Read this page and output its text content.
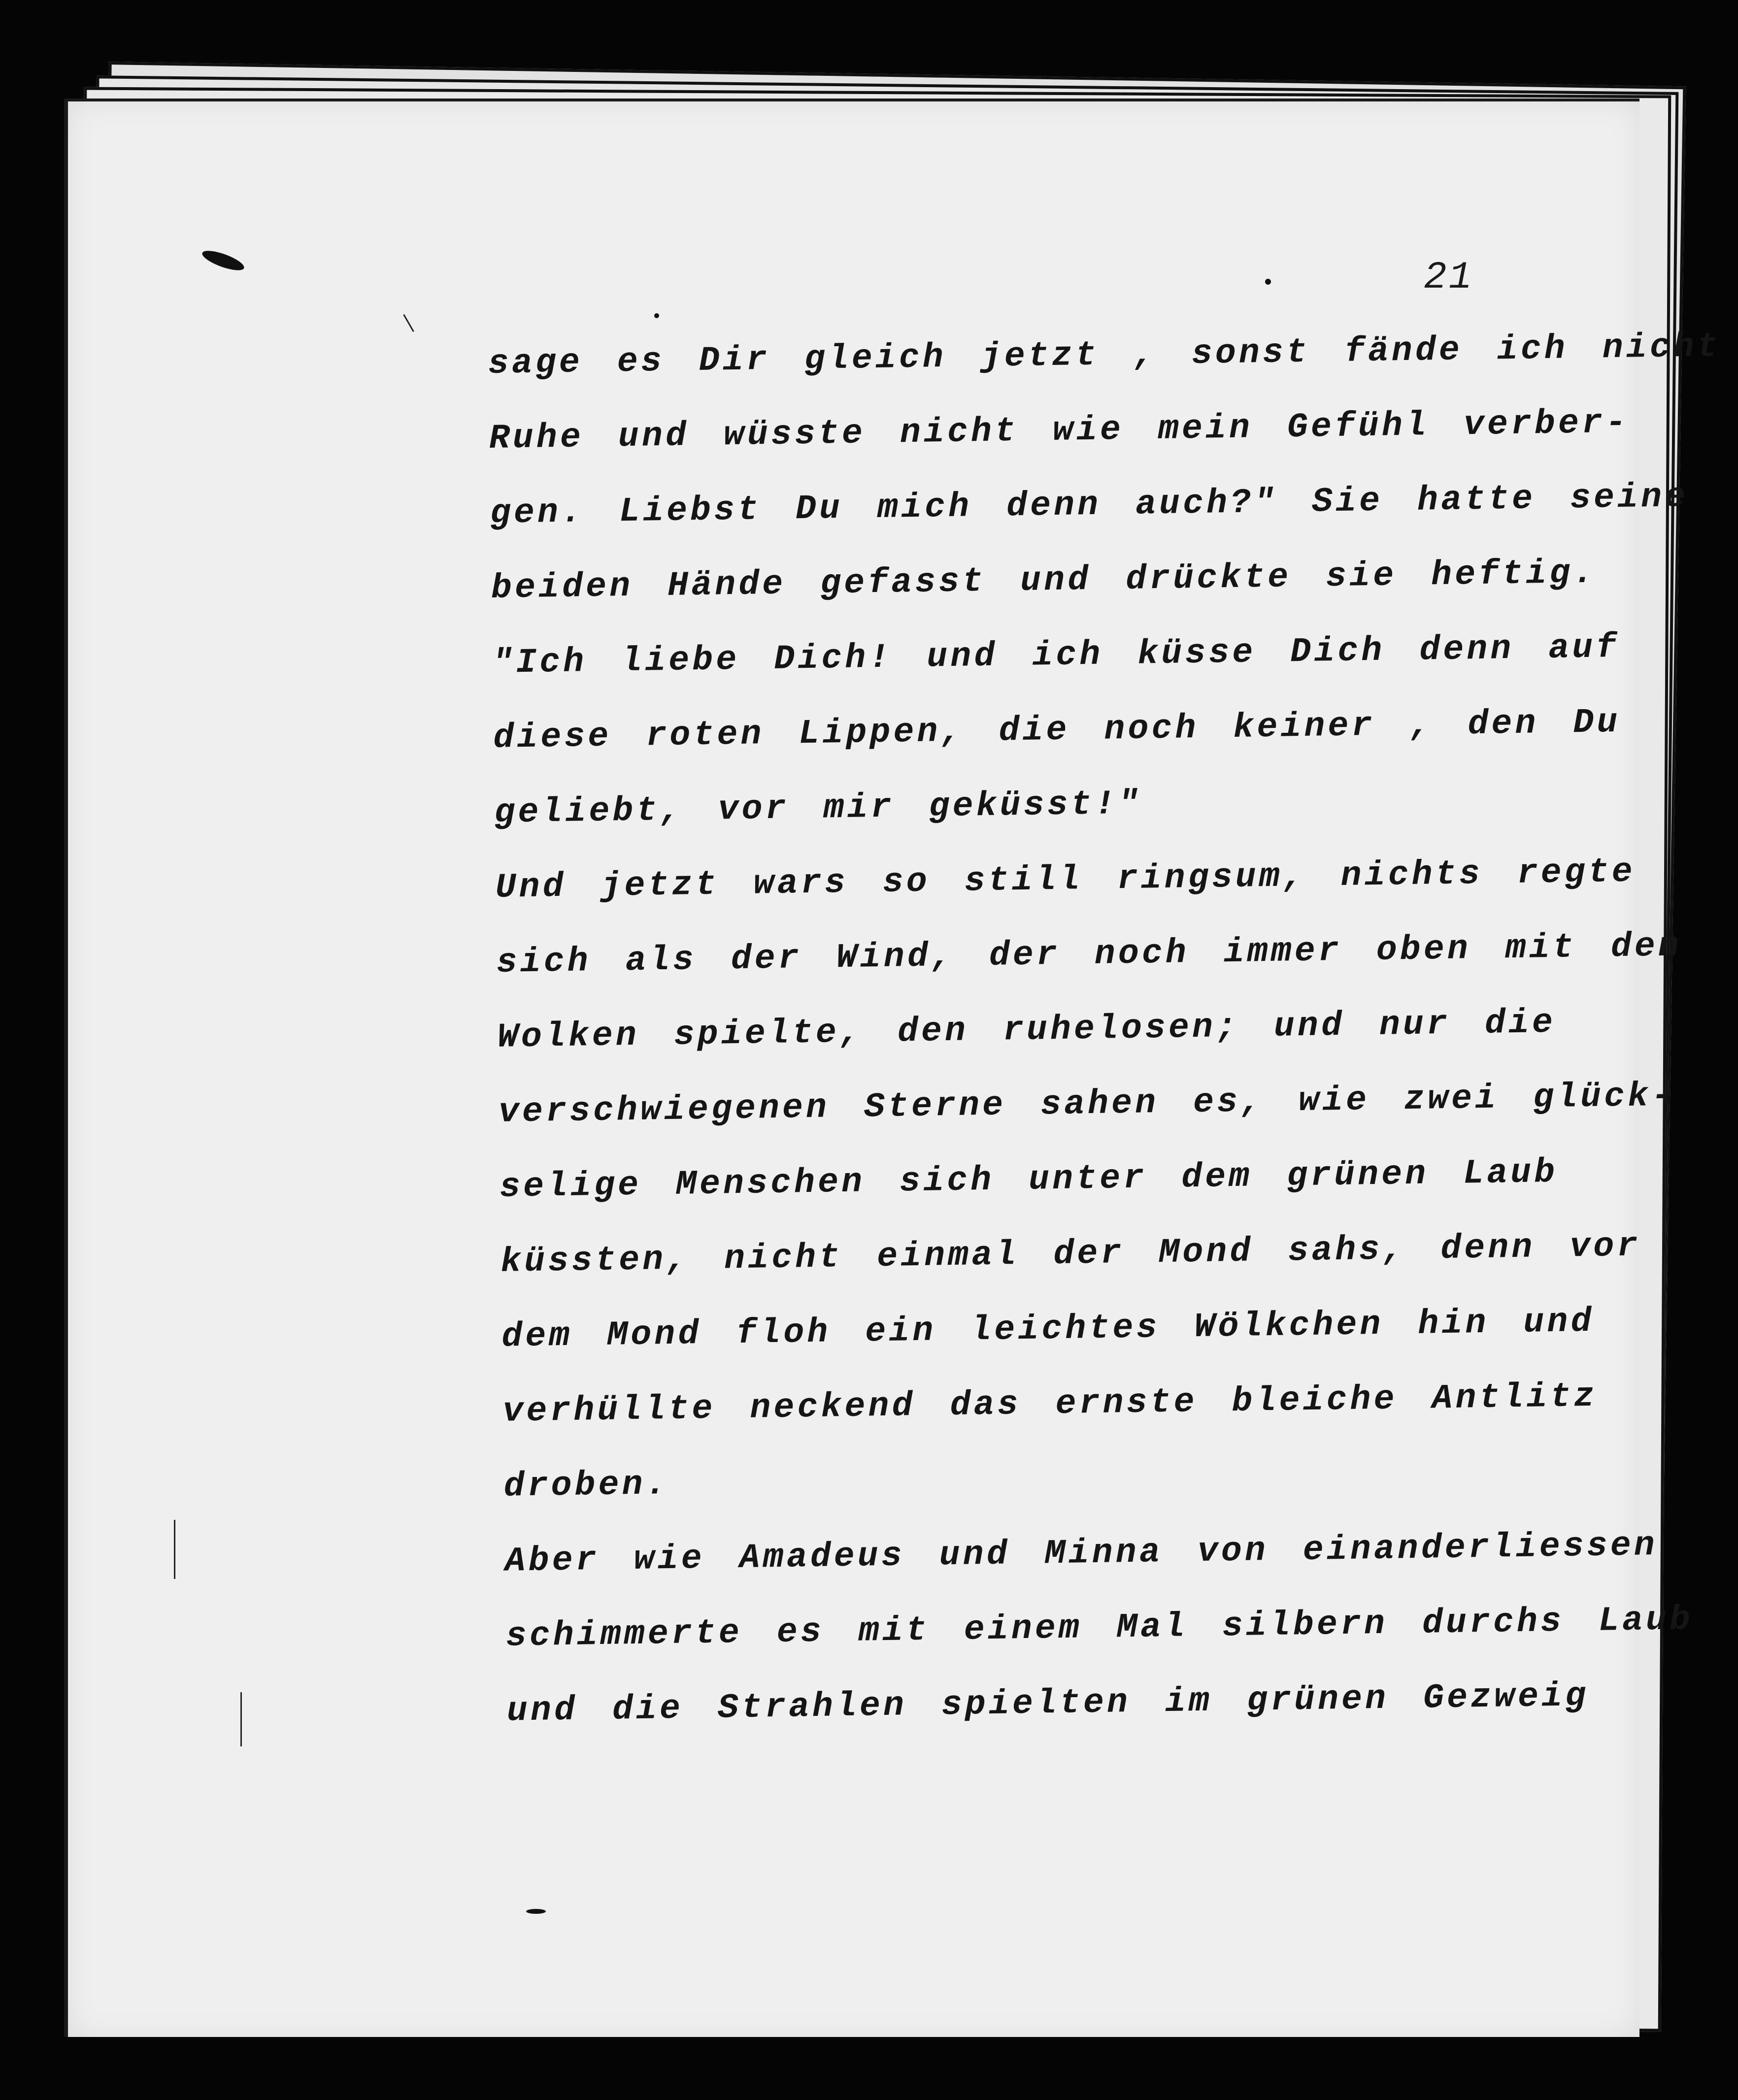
21
sage es Dir gleich jetzt , sonst fände ich nicht
Ruhe und wüsste nicht wie mein Gefühl verber-
gen. Liebst Du mich denn auch?" Sie hatte seine
beiden Hände gefasst und drückte sie heftig.
"Ich liebe Dich! und ich küsse Dich denn auf
diese roten Lippen, die noch keiner , den Du
geliebt, vor mir geküsst!"
Und jetzt wars so still ringsum, nichts regte
sich als der Wind, der noch immer oben mit den
Wolken spielte, den ruhelosen; und nur die
verschwiegenen Sterne sahen es, wie zwei glück-
selige Menschen sich unter dem grünen Laub
küssten, nicht einmal der Mond sahs, denn vor
dem Mond floh ein leichtes Wölkchen hin und
verhüllte neckend das ernste bleiche Antlitz
droben.
Aber wie Amadeus und Minna von einanderliessen
schimmerte es mit einem Mal silbern durchs Laub
und die Strahlen spielten im grünen Gezweig
